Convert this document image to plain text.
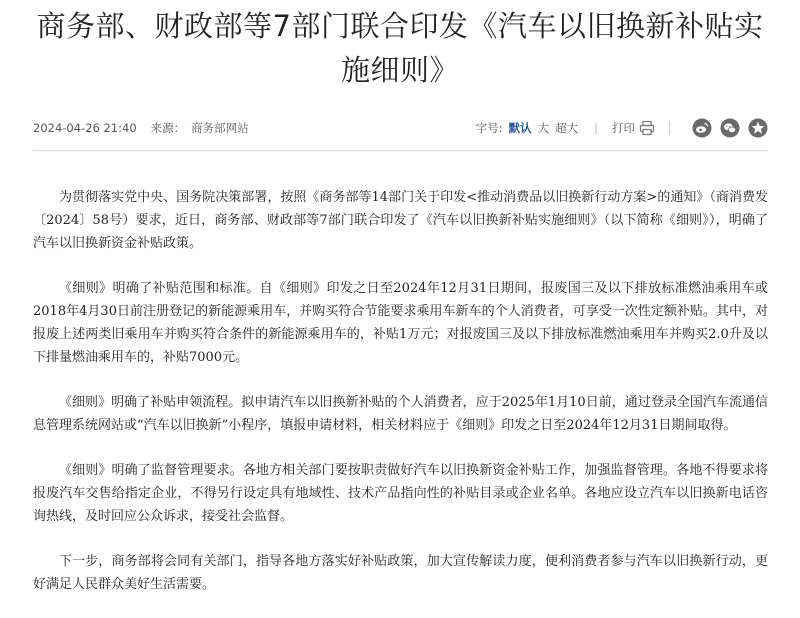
商务部、财政部等7部门联合印发《汽车以旧换新补贴实
施细则》
2024-04-26 21:40 来源： 商务部网站	字号: 默认 大 超大 | 打印

为贯彻落实党中央、国务院决策部署，按照《商务部等14部门关于印发<推动消费品以旧换新行动方案>的通知》（商消费发〔2024〕58号）要求，近日，商务部、财政部等7部门联合印发了《汽车以旧换新补贴实施细则》（以下简称《细则》），明确了汽车以旧换新资金补贴政策。

《细则》明确了补贴范围和标准。自《细则》印发之日至2024年12月31日期间，报废国三及以下排放标准燃油乘用车或2018年4月30日前注册登记的新能源乘用车，并购买符合节能要求乘用车新车的个人消费者，可享受一次性定额补贴。其中，对报废上述两类旧乘用车并购买符合条件的新能源乘用车的，补贴1万元；对报废国三及以下排放标准燃油乘用车并购买2.0升及以下排量燃油乘用车的，补贴7000元。

《细则》明确了补贴申领流程。拟申请汽车以旧换新补贴的个人消费者，应于2025年1月10日前，通过登录全国汽车流通信息管理系统网站或“汽车以旧换新”小程序，填报申请材料，相关材料应于《细则》印发之日至2024年12月31日期间取得。

《细则》明确了监督管理要求。各地方相关部门要按职责做好汽车以旧换新资金补贴工作，加强监督管理。各地不得要求将报废汽车交售给指定企业，不得另行设定具有地域性、技术产品指向性的补贴目录或企业名单。各地应设立汽车以旧换新电话咨询热线，及时回应公众诉求，接受社会监督。

下一步，商务部将会同有关部门，指导各地方落实好补贴政策，加大宣传解读力度，便利消费者参与汽车以旧换新行动，更好满足人民群众美好生活需要。
